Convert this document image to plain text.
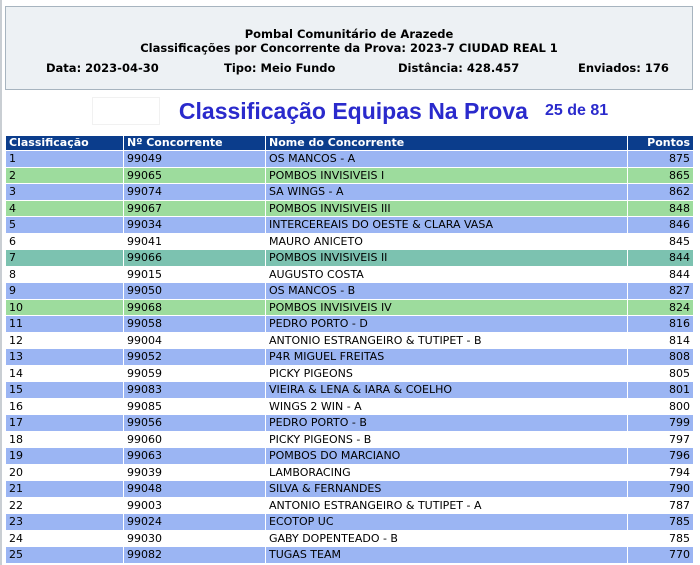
Pombal Comunitário de Arazede
Classificações por Concorrente da Prova: 2023-7 CIUDAD REAL 1
Data: 2023-04-30	Tipo: Meio Fundo	Distância: 428.457	Enviados: 176
Classificação Equipas Na Prova 25 de 81
Classificação	Nº Concorrente	Nome do Concorrente	Pontos
1	99049	OS MANCOS - A	875
2	99065	POMBOS INVISIVEIS I	865
3	99074	SA WINGS - A	862
4	99067	POMBOS INVISIVEIS III	848
5	99034	INTERCEREAIS DO OESTE & CLARA VASA	846
6	99041	MAURO ANICETO	845
7	99066	POMBOS INVISIVEIS II	844
8	99015	AUGUSTO COSTA	844
9	99050	OS MANCOS - B	827
10	99068	POMBOS INVISIVEIS IV	824
11	99058	PEDRO PORTO - D	816
12	99004	ANTONIO ESTRANGEIRO & TUTIPET - B	814
13	99052	P4R MIGUEL FREITAS	808
14	99059	PICKY PIGEONS	805
15	99083	VIEIRA & LENA & IARA & COELHO	801
16	99085	WINGS 2 WIN - A	800
17	99056	PEDRO PORTO - B	799
18	99060	PICKY PIGEONS - B	797
19	99063	POMBOS DO MARCIANO	796
20	99039	LAMBORACING	794
21	99048	SILVA & FERNANDES	790
22	99003	ANTONIO ESTRANGEIRO & TUTIPET - A	787
23	99024	ECOTOP UC	785
24	99030	GABY DOPENTEADO - B	785
25	99082	TUGAS TEAM	770
